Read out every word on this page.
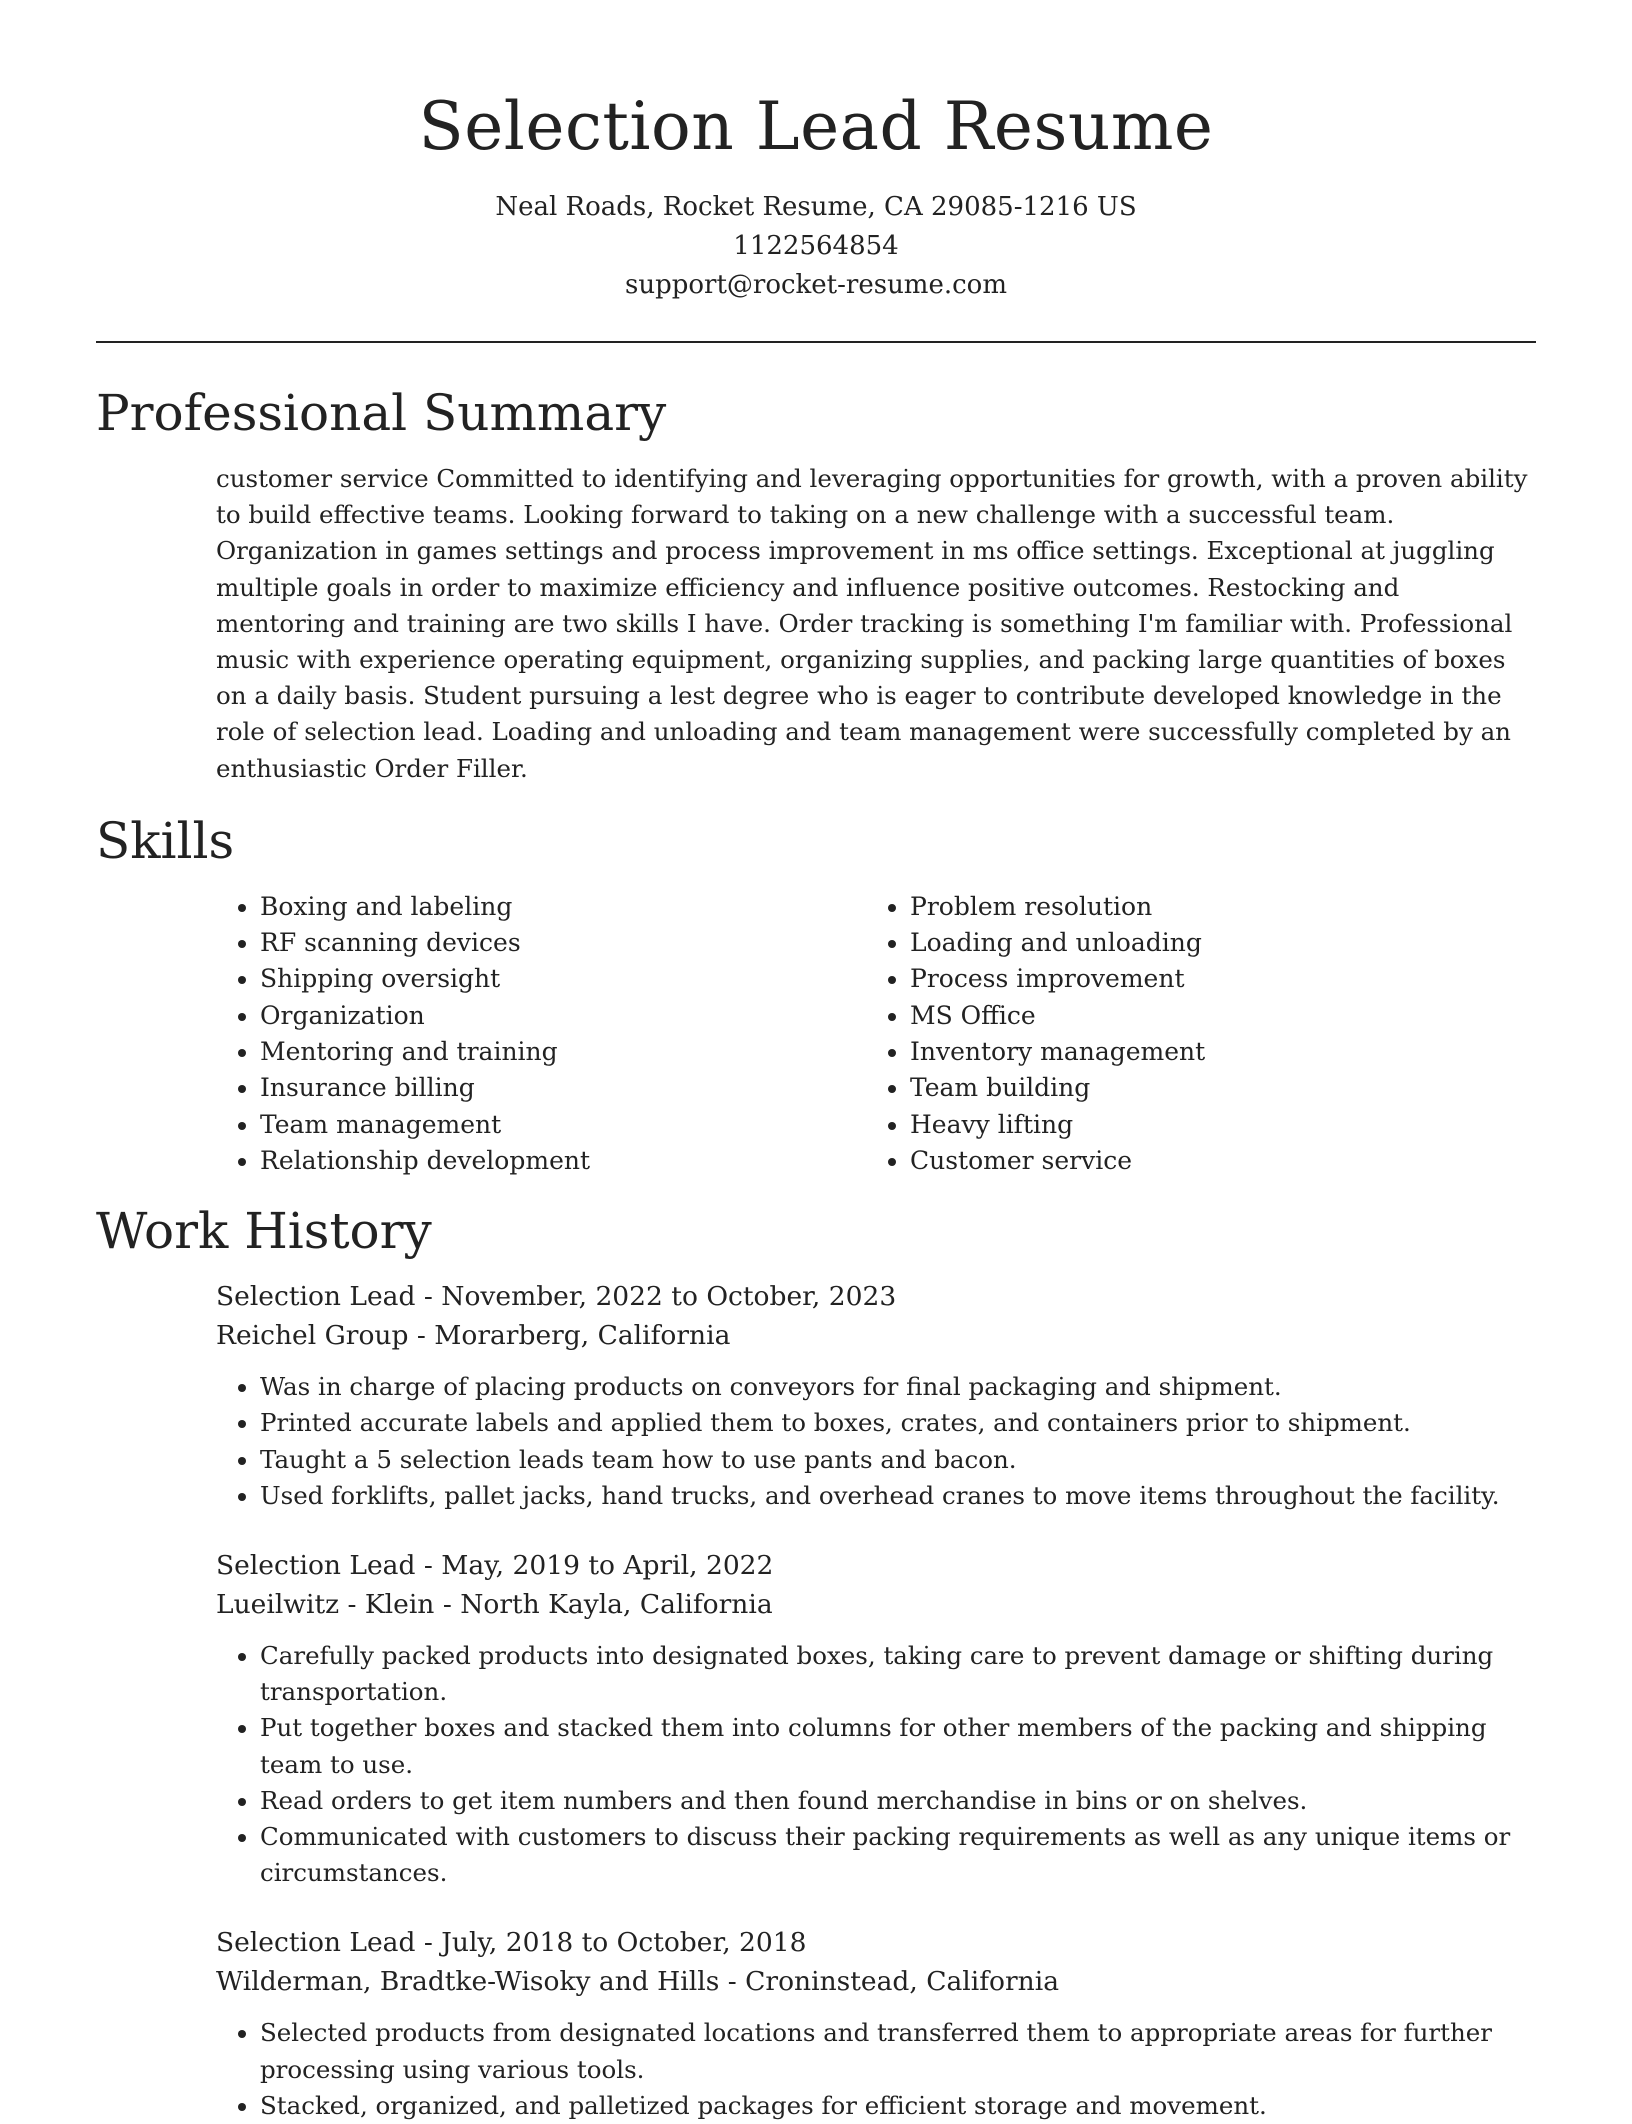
Selection Lead Resume
Neal Roads, Rocket Resume, CA 29085-1216 US
1122564854
support@rocket-resume.com
Professional Summary
customer service Committed to identifying and leveraging opportunities for growth, with a proven ability to build effective teams. Looking forward to taking on a new challenge with a successful team. Organization in games settings and process improvement in ms office settings. Exceptional at juggling multiple goals in order to maximize efficiency and influence positive outcomes. Restocking and mentoring and training are two skills I have. Order tracking is something I'm familiar with. Professional music with experience operating equipment, organizing supplies, and packing large quantities of boxes on a daily basis. Student pursuing a lest degree who is eager to contribute developed knowledge in the role of selection lead. Loading and unloading and team management were successfully completed by an enthusiastic Order Filler.
Skills
• Boxing and labeling
• RF scanning devices
• Shipping oversight
• Organization
• Mentoring and training
• Insurance billing
• Team management
• Relationship development
• Problem resolution
• Loading and unloading
• Process improvement
• MS Office
• Inventory management
• Team building
• Heavy lifting
• Customer service
Work History
Selection Lead - November, 2022 to October, 2023
Reichel Group - Morarberg, California
• Was in charge of placing products on conveyors for final packaging and shipment.
• Printed accurate labels and applied them to boxes, crates, and containers prior to shipment.
• Taught a 5 selection leads team how to use pants and bacon.
• Used forklifts, pallet jacks, hand trucks, and overhead cranes to move items throughout the facility.
Selection Lead - May, 2019 to April, 2022
Lueilwitz - Klein - North Kayla, California
• Carefully packed products into designated boxes, taking care to prevent damage or shifting during transportation.
• Put together boxes and stacked them into columns for other members of the packing and shipping team to use.
• Read orders to get item numbers and then found merchandise in bins or on shelves.
• Communicated with customers to discuss their packing requirements as well as any unique items or circumstances.
Selection Lead - July, 2018 to October, 2018
Wilderman, Bradtke-Wisoky and Hills - Croninstead, California
• Selected products from designated locations and transferred them to appropriate areas for further processing using various tools.
• Stacked, organized, and palletized packages for efficient storage and movement.
